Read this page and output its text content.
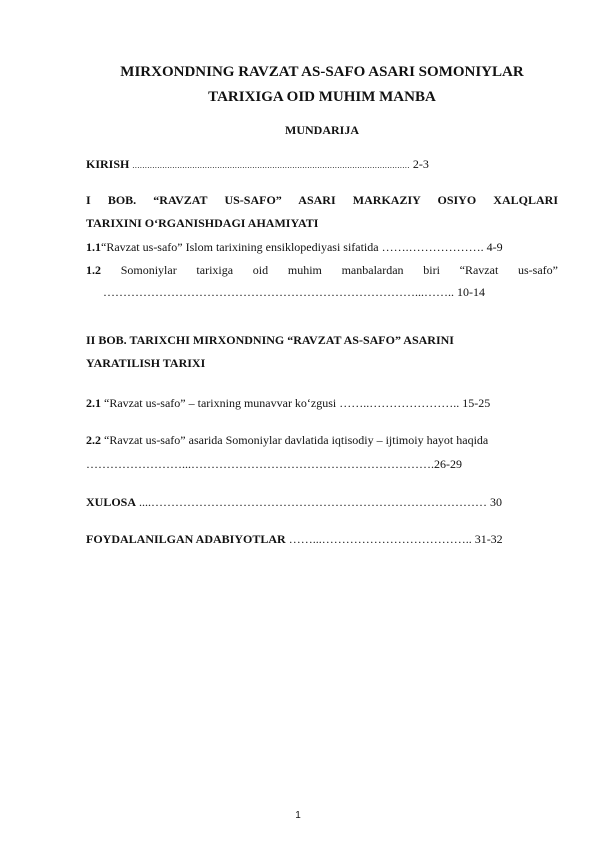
MIRXONDNING RAVZAT AS-SAFO ASARI SOMONIYLAR
TARIXIGA OID MUHIM MANBA
MUNDARIJA
KIRISH ............................................................................................................... 2-3
I BOB. “RAVZAT US-SAFO” ASARI MARKAZIY OSIYO XALQLARI
TARIXINI O‘RGANISHDAGI AHAMIYATI
1.1“Ravzat us-safo” Islom tarixining ensiklopediyasi sifatida …….………………. 4-9
1.2 Somoniylar tarixiga oid muhim manbalardan biri “Ravzat us-safo”
……………………………………………………………………...…….. 10-14
II BOB. TARIXCHI MIRXONDNING “RAVZAT AS-SAFO” ASARINI
YARATILISH TARIXI
2.1 “Ravzat us-safo” – tarixning munavvar ko‘zgusi ……..………………….. 15-25
2.2 “Ravzat us-safo” asarida Somoniylar davlatida iqtisodiy – ijtimoiy hayot haqida
……………………...…………………………………………………….26-29
XULOSA ....………………………………………………………………………… 30
FOYDALANILGAN ADABIYOTLAR ……...……………………………….. 31-32
1
